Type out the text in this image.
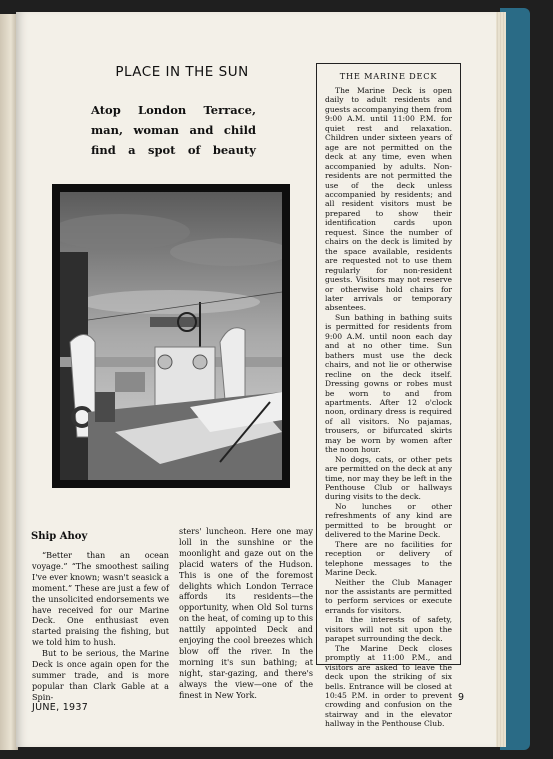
PLACE IN THE SUN
Atop London Terrace, man, woman and child find a spot of beauty
THE MARINE DECK

The Marine Deck is open daily to adult residents and guests accompanying them from 9:00 A.M. until 11:00 P.M. for quiet rest and relaxation. Children under sixteen years of age are not permitted on the deck at any time, even when accompanied by adults. Non-residents are not permitted the use of the deck unless accompanied by residents; and all resident visitors must be prepared to show their identification cards upon request. Since the number of chairs on the deck is limited by the space available, residents are requested not to use them regularly for non-resident guests. Visitors may not reserve or otherwise hold chairs for later arrivals or temporary absentees.

Sun bathing in bathing suits is permitted for residents from 9:00 A.M. until noon each day and at no other time. Sun bathers must use the deck chairs, and not lie or otherwise recline on the deck itself. Dressing gowns or robes must be worn to and from apartments. After 12 o'clock noon, ordinary dress is required of all visitors. No pajamas, trousers, or bifurcated skirts may be worn by women after the noon hour.

No dogs, cats, or other pets are permitted on the deck at any time, nor may they be left in the Penthouse Club or hallways during visits to the deck.

No lunches or other refreshments of any kind are permitted to be brought or delivered to the Marine Deck.

There are no facilities for reception or delivery of telephone messages to the Marine Deck.

Neither the Club Manager nor the assistants are permitted to perform services or execute errands for visitors.

In the interests of safety, visitors will not sit upon the parapet surrounding the deck.

The Marine Deck closes promptly at 11:00 P.M., and visitors are asked to leave the deck upon the striking of six bells. Entrance will be closed at 10:45 P.M. in order to prevent crowding and confusion on the stairway and in the elevator hallway in the Penthouse Club.

Ship Ahoy

“Better than an ocean voyage.” “The smoothest sailing I've ever known; wasn't seasick a moment.” These are just a few of the unsolicited endorsements we have received for our Marine Deck. One enthusiast even started praising the fishing, but we told him to hush.

But to be serious, the Marine Deck is once again open for the summer trade, and is more popular than Clark Gable at a Spin-

sters' luncheon. Here one may loll in the sunshine or the moonlight and gaze out on the placid waters of the Hudson. This is one of the foremost delights which London Terrace affords its residents—the opportunity, when Old Sol turns on the heat, of coming up to this nattily appointed Deck and enjoying the cool breezes which blow off the river. In the morning it's sun bathing; at night, star-gazing, and there's always the view—one of the finest in New York.

JUNE, 1937
9
